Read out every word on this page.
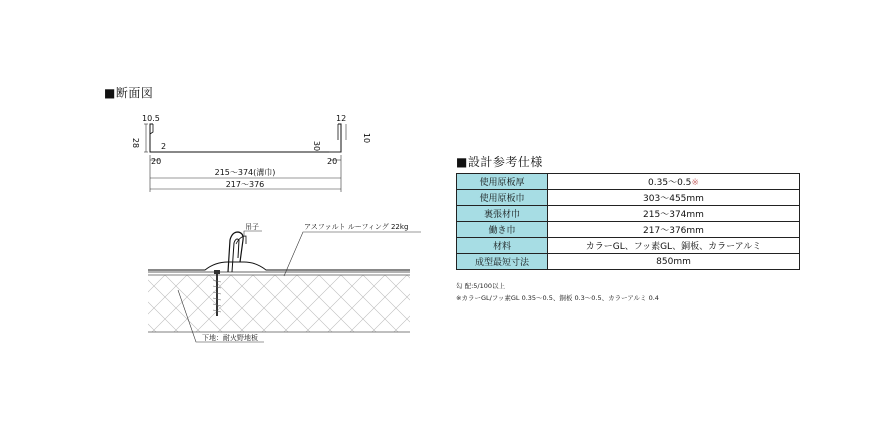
■断面図
■設計参考仕様
10.5
28	2
20
12
10
30
20
215～374(溝巾)
217～376
吊子	アスファルト ルーフィング 22kg
下地：耐火野地板
使用原板厚	0.35～0.5※
使用原板巾	303～455mm
裏張材巾	215～374mm
働き巾	217～376mm
材料	カラーGL、フッ素GL、銅板、カラーアルミ
成型最短寸法	850mm
勾 配:5/100以上
※カラーGL/フッ素GL 0.35～0.5、銅板 0.3～0.5、カラーアルミ 0.4
